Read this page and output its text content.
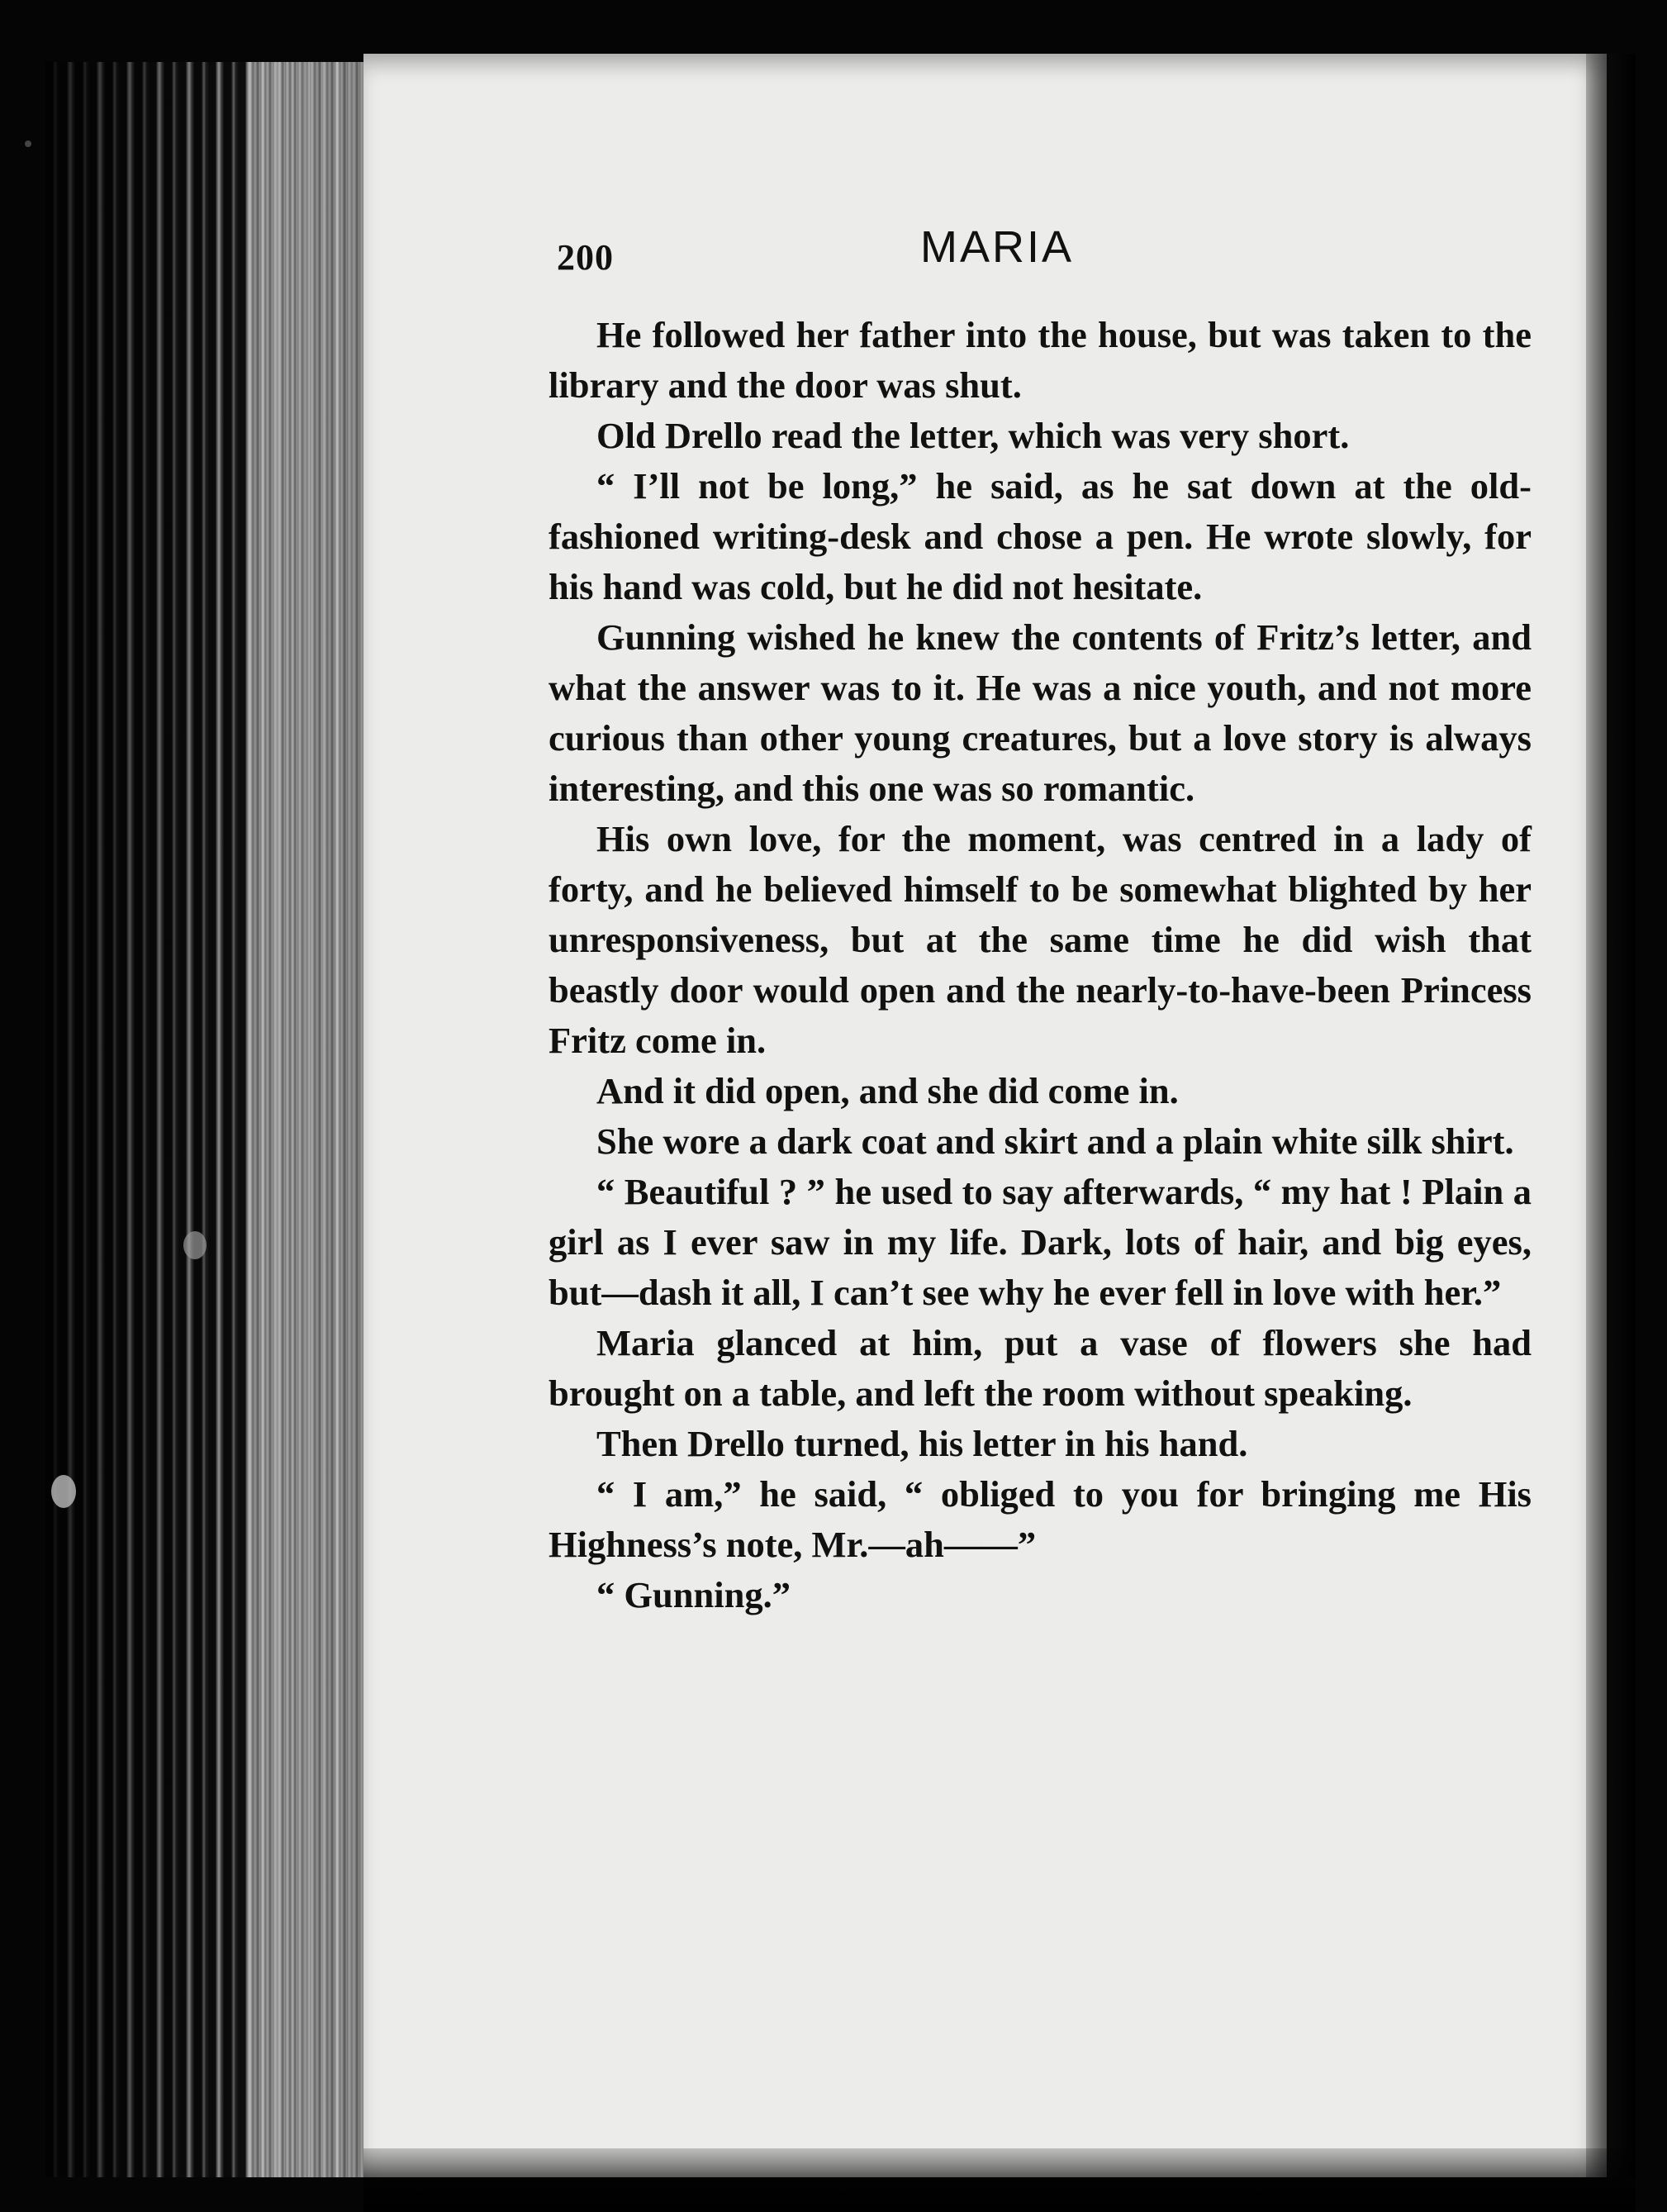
200	MARIA

He followed her father into the house, but was taken to the library and the door was shut.

Old Drello read the letter, which was very short.

“ I’ll not be long,” he said, as he sat down at the old-fashioned writing-desk and chose a pen. He wrote slowly, for his hand was cold, but he did not hesitate.

Gunning wished he knew the contents of Fritz’s letter, and what the answer was to it. He was a nice youth, and not more curious than other young creatures, but a love story is always interesting, and this one was so romantic.

His own love, for the moment, was centred in a lady of forty, and he believed himself to be somewhat blighted by her unresponsiveness, but at the same time he did wish that beastly door would open and the nearly-to-have-been Princess Fritz come in.

And it did open, and she did come in.

She wore a dark coat and skirt and a plain white silk shirt.

“ Beautiful ? ” he used to say afterwards, “ my hat ! Plain a girl as I ever saw in my life. Dark, lots of hair, and big eyes, but—dash it all, I can’t see why he ever fell in love with her.”

Maria glanced at him, put a vase of flowers she had brought on a table, and left the room without speaking.

Then Drello turned, his letter in his hand.

“ I am,” he said, “ obliged to you for bringing me His Highness’s note, Mr.—ah——”

“ Gunning.”
